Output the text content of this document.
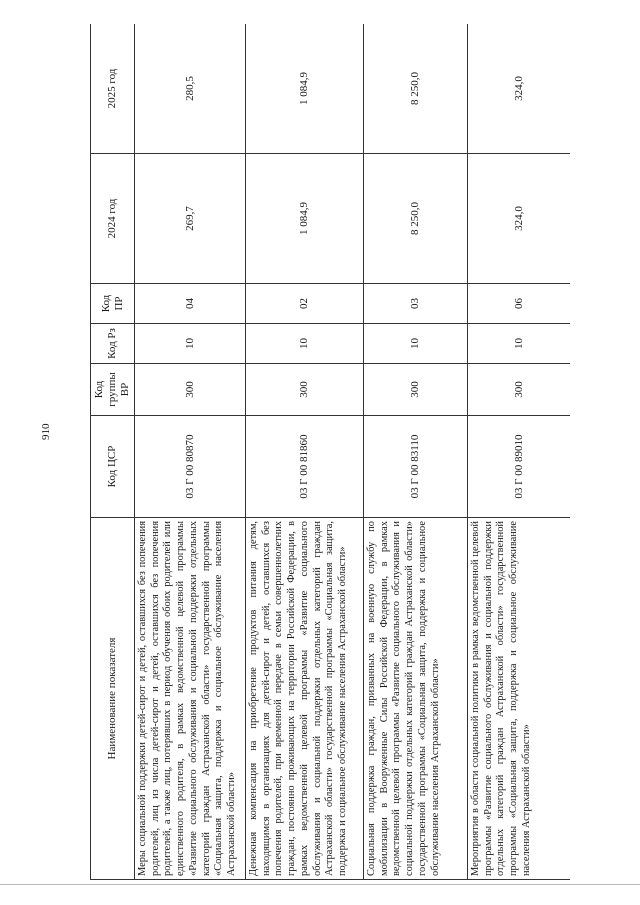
910
Наименование показателя	Код ЦСР	Код группы ВР	Код Рз	Код ПР	2024 год	2025 год
Меры социальной поддержки детей-сирот и детей, оставшихся без попечения родителей, лиц из числа детей-сирот и детей, оставшихся без попечения родителей, а также лиц, потерявших в период обучения обоих родителей или единственного родителя, в рамках ведомственной целевой программы «Развитие социального обслуживания и социальной поддержки отдельных категорий граждан Астраханской области» государственной программы «Социальная защита, поддержка и социальное обслуживание населения Астраханской области»	03 Г 00 80870	300	10	04	269,7	280,5
Денежная компенсация на приобретение продуктов питания детям, находящимся в организациях для детей-сирот и детей, оставшихся без попечения родителей, при временной передаче в семьи совершеннолетних граждан, постоянно проживающих на территории Российской Федерации, в рамках ведомственной целевой программы «Развитие социального обслуживания и социальной поддержки отдельных категорий граждан Астраханской области» государственной программы «Социальная защита, поддержка и социальное обслуживание населения Астраханской области»	03 Г 00 81860	300	10	02	1 084,9	1 084,9
Социальная поддержка граждан, призванных на военную службу по мобилизации в Вооруженные Силы Российской Федерации, в рамках ведомственной целевой программы «Развитие социального обслуживания и социальной поддержки отдельных категорий граждан Астраханской области» государственной программы «Социальная защита, поддержка и социальное обслуживание населения Астраханской области»	03 Г 00 83110	300	10	03	8 250,0	8 250,0
Мероприятия в области социальной политики в рамках ведомственной целевой программы «Развитие социального обслуживания и социальной поддержки отдельных категорий граждан Астраханской области» государственной программы «Социальная защита, поддержка и социальное обслуживание населения Астраханской области»	03 Г 00 89010	300	10	06	324,0	324,0
